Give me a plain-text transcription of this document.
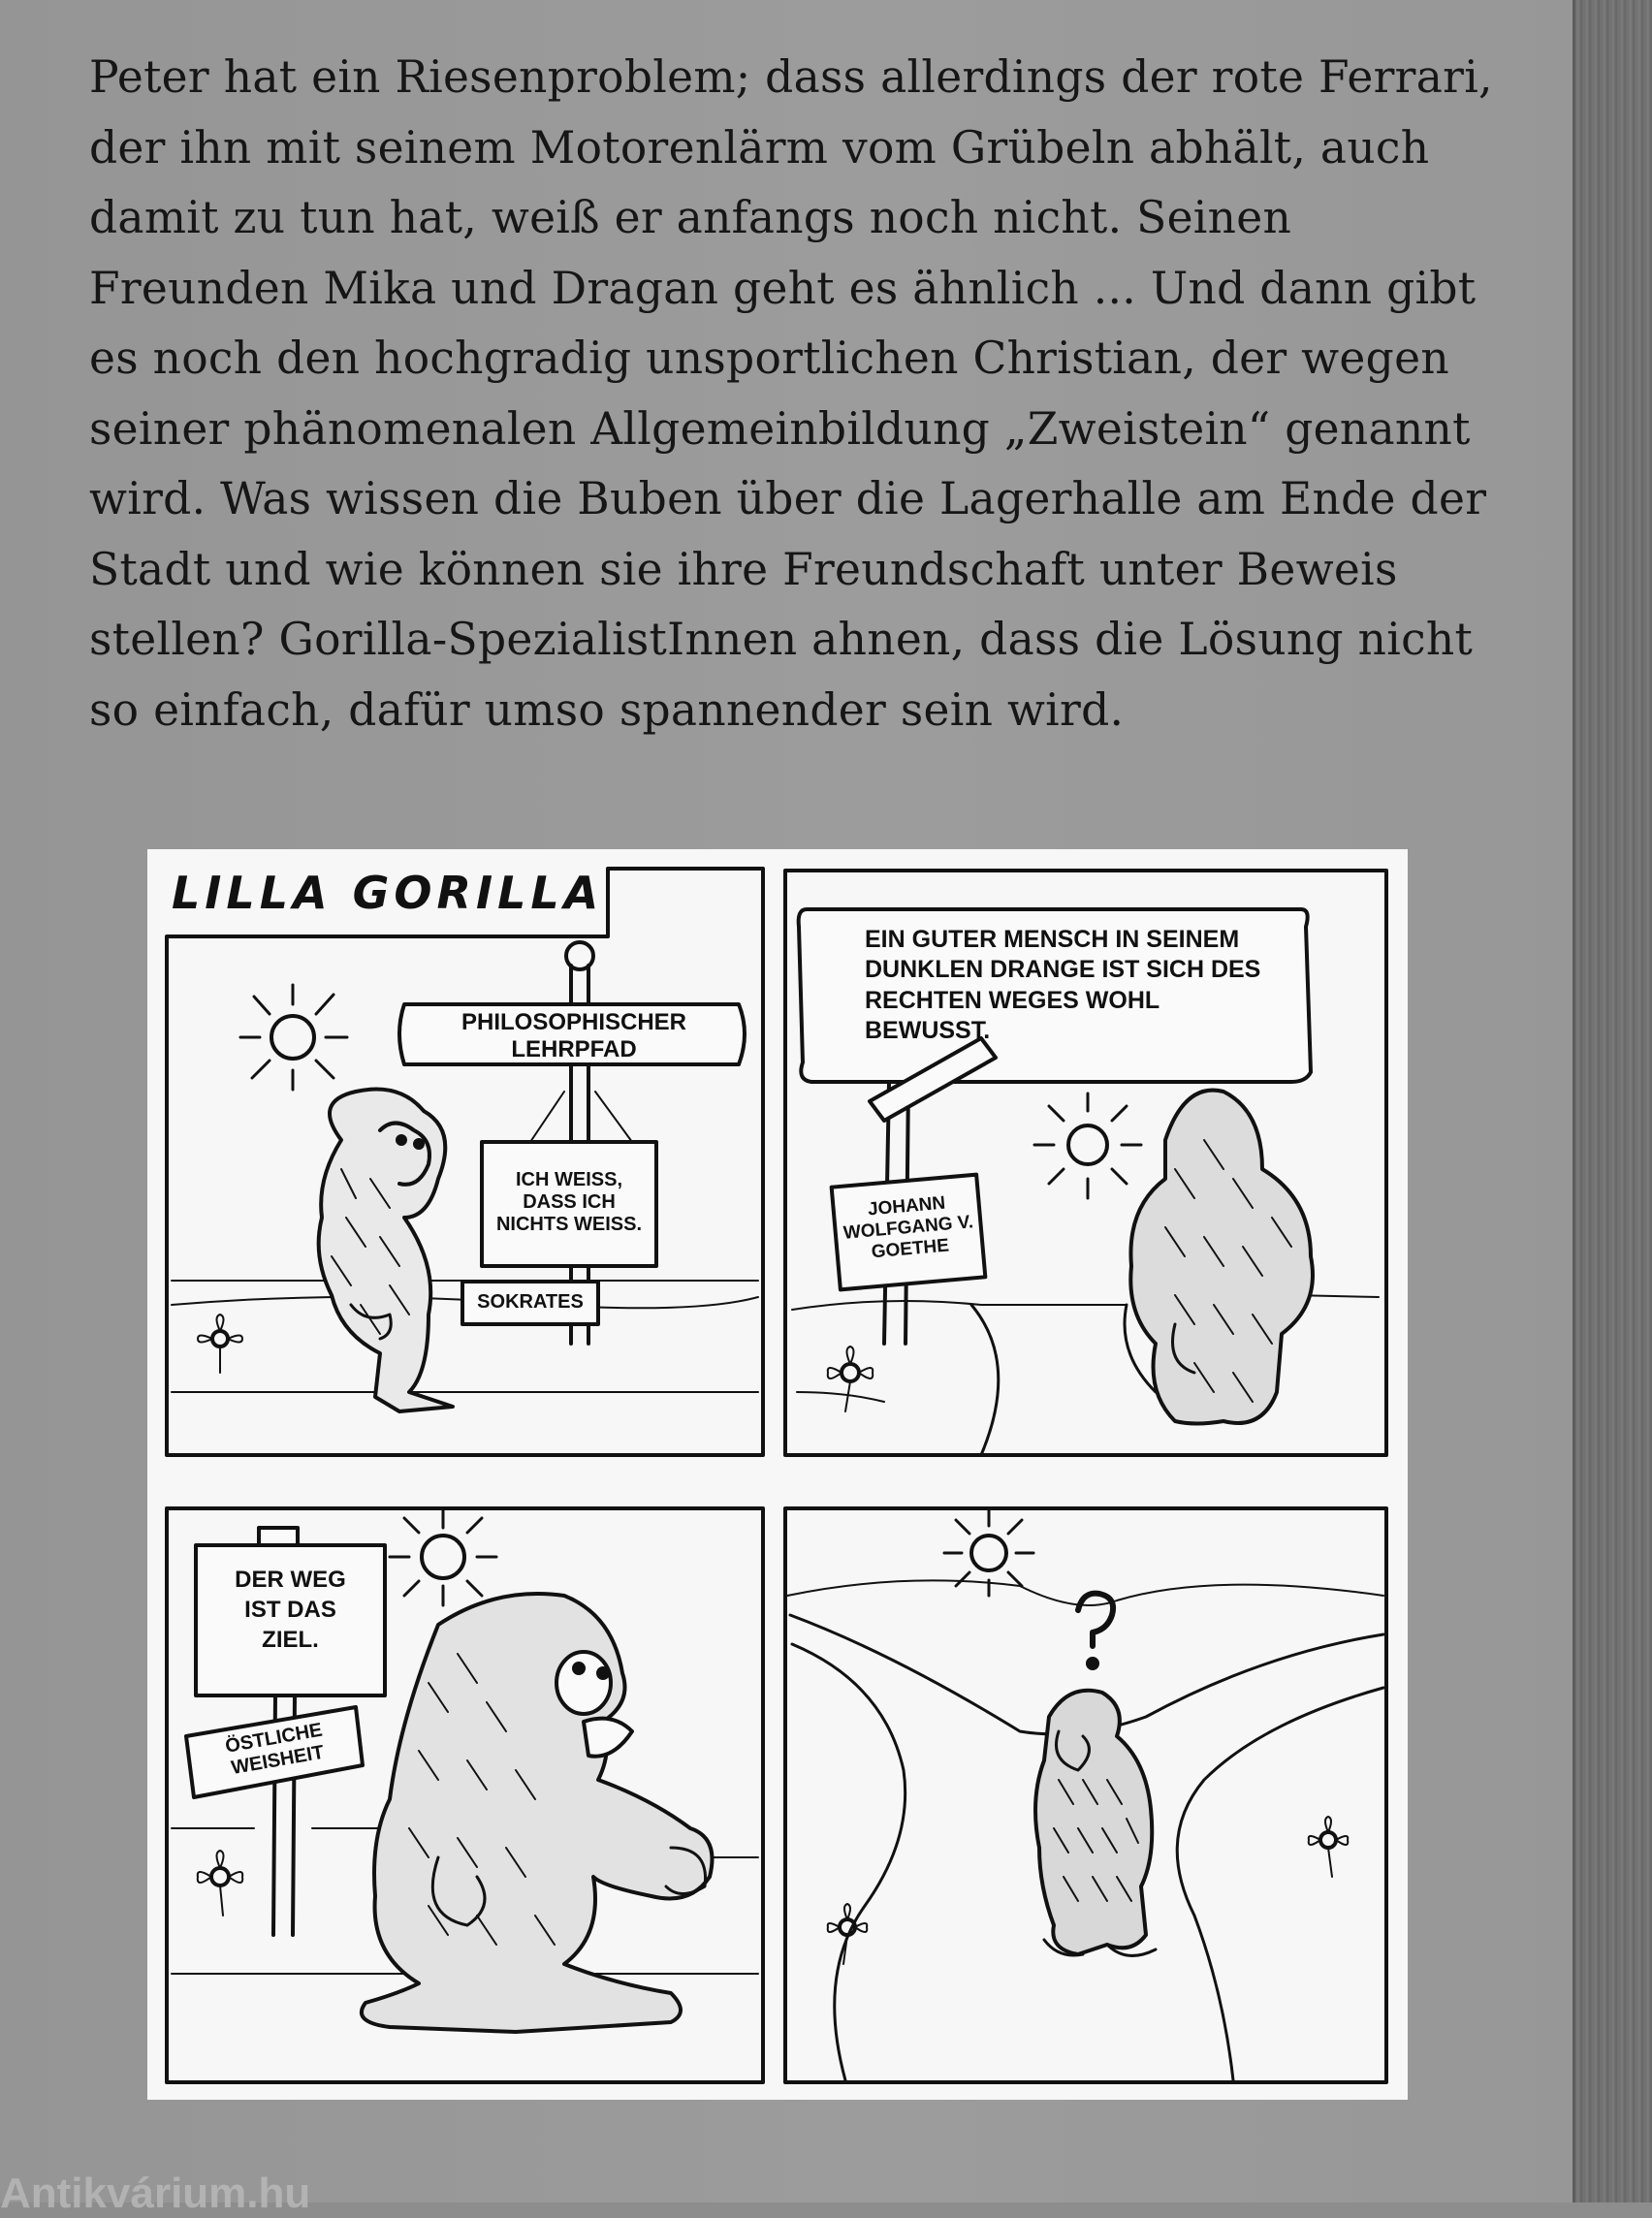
Peter hat ein Riesenproblem; dass allerdings der rote Ferrari,
der ihn mit seinem Motorenlärm vom Grübeln abhält, auch
damit zu tun hat, weiß er anfangs noch nicht. Seinen
Freunden Mika und Dragan geht es ähnlich ... Und dann gibt
es noch den hochgradig unsportlichen Christian, der wegen
seiner phänomenalen Allgemeinbildung „Zweistein“ genannt
wird. Was wissen die Buben über die Lagerhalle am Ende der
Stadt und wie können sie ihre Freundschaft unter Beweis
stellen? Gorilla-SpezialistInnen ahnen, dass die Lösung nicht
so einfach, dafür umso spannender sein wird.
LILLA GORILLA
PHILOSOPHISCHER LEHRPFAD
ICH WEISS, DASS ICH NICHTS WEISS.
SOKRATES
EIN GUTER MENSCH IN SEINEM DUNKLEN DRANGE IST SICH DES RECHTEN WEGES WOHL BEWUSST.
JOHANN WOLFGANG V. GOETHE
DER WEG IST DAS ZIEL.
ÖSTLICHE WEISHEIT
Antikvárium.hu
